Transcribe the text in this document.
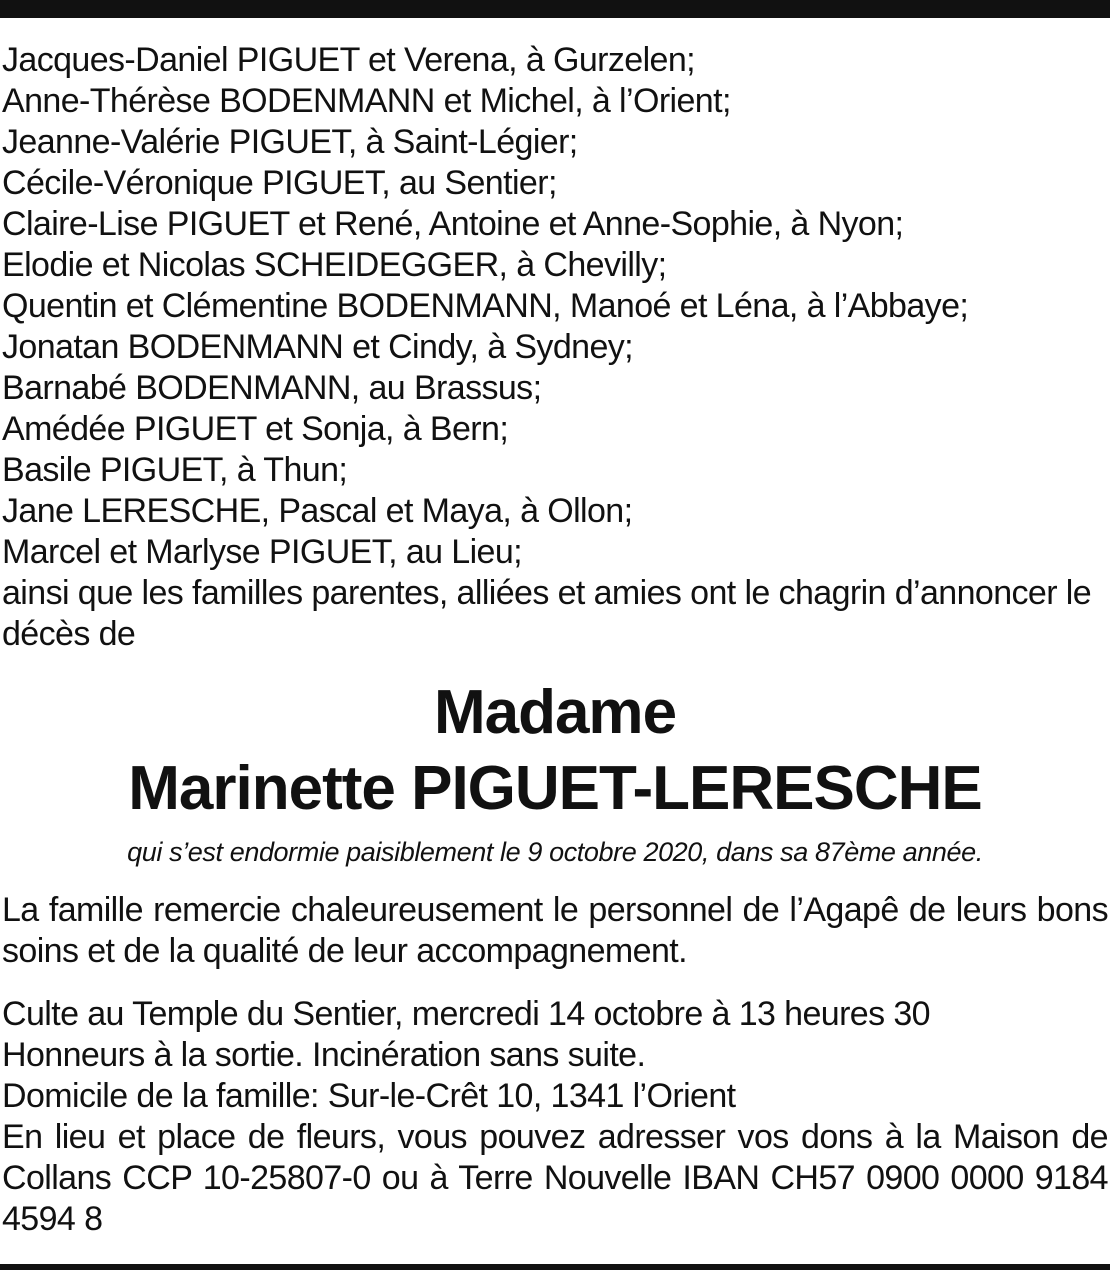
Jacques-Daniel PIGUET et Verena, à Gurzelen;
Anne-Thérèse BODENMANN et Michel, à l’Orient;
Jeanne-Valérie PIGUET, à Saint-Légier;
Cécile-Véronique PIGUET, au Sentier;
Claire-Lise PIGUET et René, Antoine et Anne-Sophie, à Nyon;
Elodie et Nicolas SCHEIDEGGER, à Chevilly;
Quentin et Clémentine BODENMANN, Manoé et Léna, à l’Abbaye;
Jonatan BODENMANN et Cindy, à Sydney;
Barnabé BODENMANN, au Brassus;
Amédée PIGUET et Sonja, à Bern;
Basile PIGUET, à Thun;
Jane LERESCHE, Pascal et Maya, à Ollon;
Marcel et Marlyse PIGUET, au Lieu;

ainsi que les familles parentes, alliées et amies ont le chagrin d’annoncer le décès de

Madame
Marinette PIGUET-LERESCHE
qui s’est endormie paisiblement le 9 octobre 2020, dans sa 87ème année.
La famille remercie chaleureusement le personnel de l’Agapê de leurs bons soins et de la qualité de leur accompagnement.

Culte au Temple du Sentier, mercredi 14 octobre à 13 heures 30

Honneurs à la sortie. Incinération sans suite.

Domicile de la famille: Sur-le-Crêt 10, 1341 l’Orient

En lieu et place de fleurs, vous pouvez adresser vos dons à la Maison de Collans CCP 10-25807-0 ou à Terre Nouvelle IBAN CH57 0900 0000 9184 4594 8
